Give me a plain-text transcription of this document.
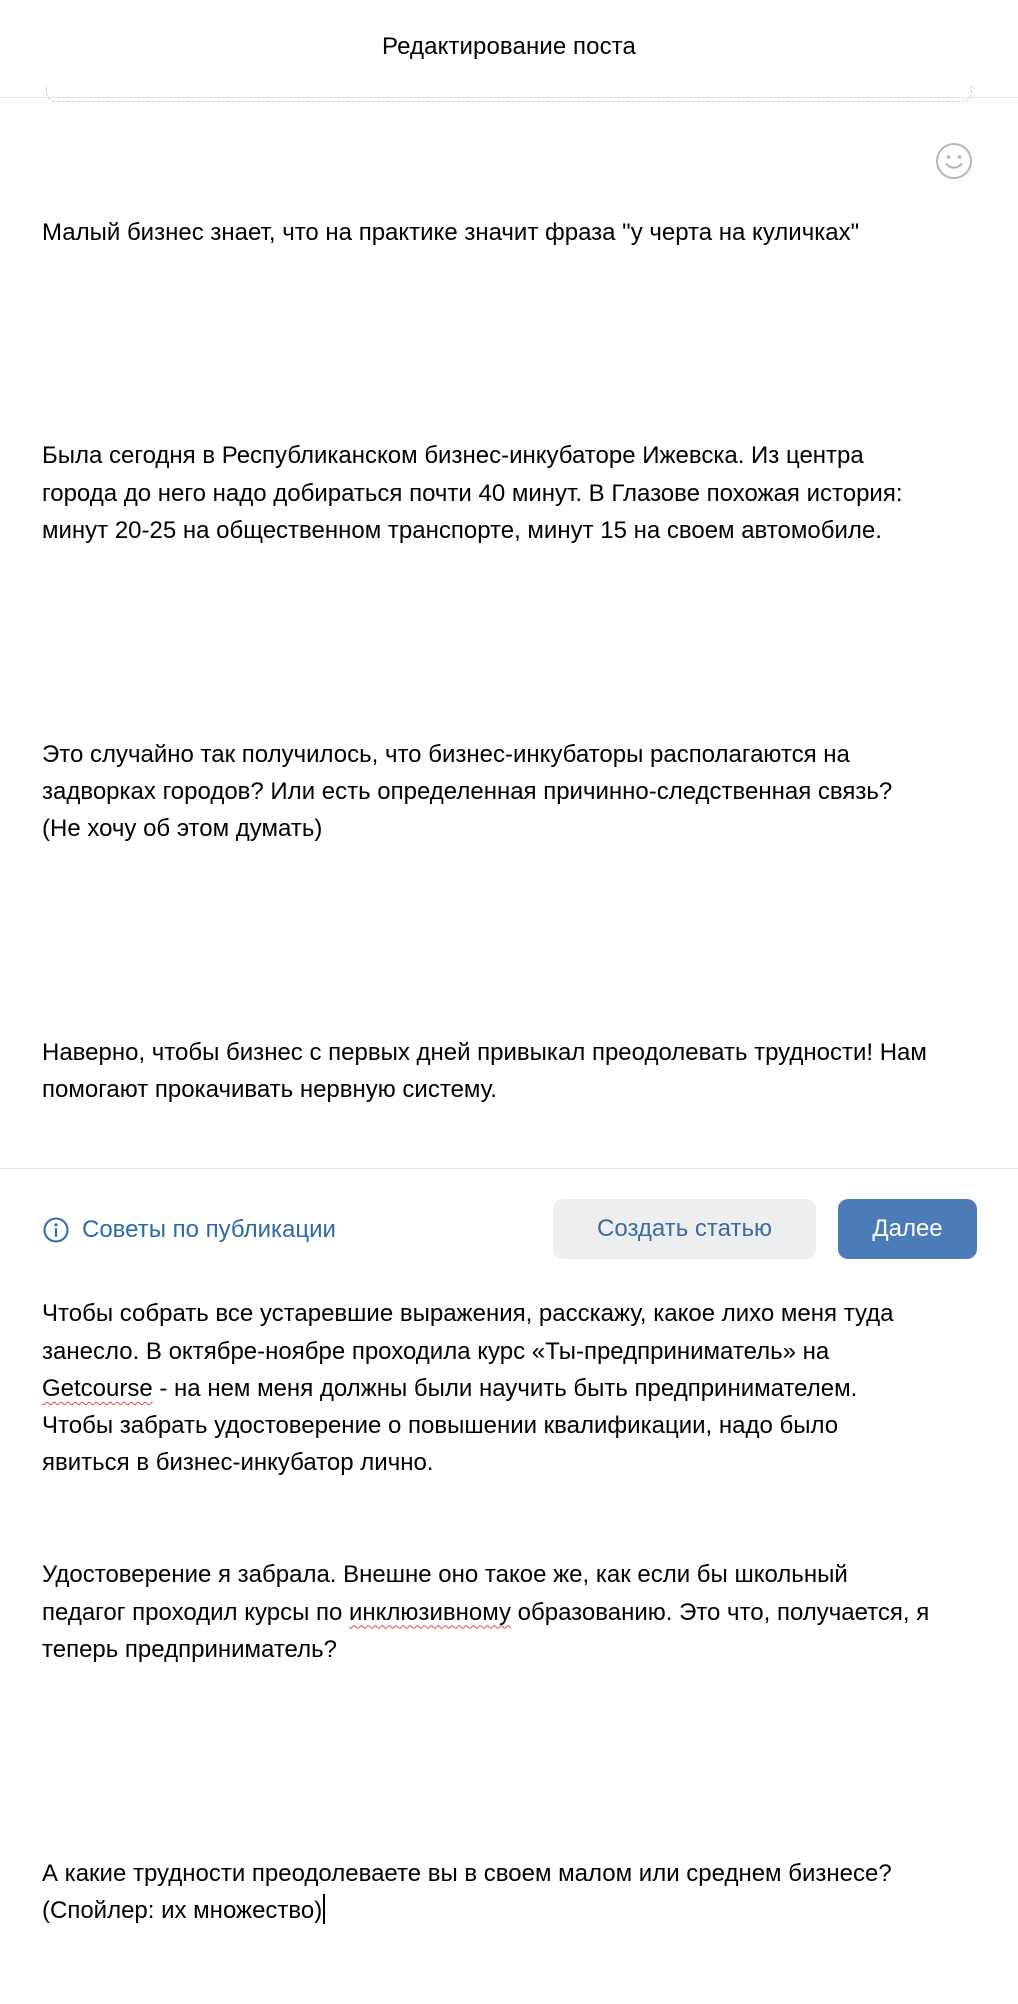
Редактирование поста

Малый бизнес знает, что на практике значит фраза "у черта на куличках"

Была сегодня в Республиканском бизнес-инкубаторе Ижевска. Из центра города до него надо добираться почти 40 минут. В Глазове похожая история: минут 20-25 на общественном транспорте, минут 15 на своем автомобиле.

Это случайно так получилось, что бизнес-инкубаторы располагаются на задворках городов? Или есть определенная причинно-следственная связь? (Не хочу об этом думать)

Наверно, чтобы бизнес с первых дней привыкал преодолевать трудности! Нам помогают прокачивать нервную систему.

Чтобы собрать все устаревшие выражения, расскажу, какое лихо меня туда занесло. В октябре-ноябре проходила курс «Ты-предприниматель» на Getcourse - на нем меня должны были научить быть предпринимателем. Чтобы забрать удостоверение о повышении квалификации, надо было явиться в бизнес-инкубатор лично.

Удостоверение я забрала. Внешне оно такое же, как если бы школьный педагог проходил курсы по инклюзивному образованию. Это что, получается, я теперь предприниматель?

А какие трудности преодолеваете вы в своем малом или среднем бизнесе? (Спойлер: их множество)

Советы по публикации	Создать статью	Далее
